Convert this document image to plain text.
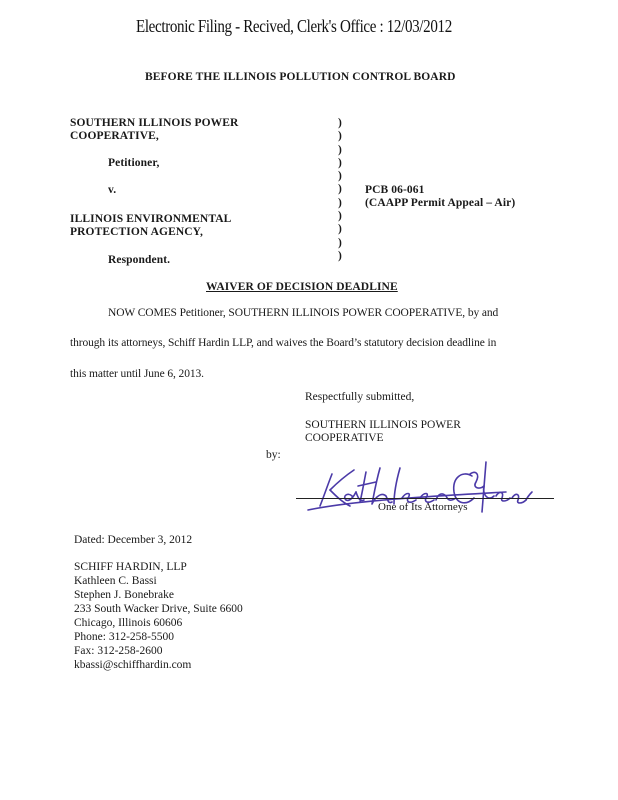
Electronic Filing - Recived, Clerk's Office : 12/03/2012
BEFORE THE ILLINOIS POLLUTION CONTROL BOARD
SOUTHERN ILLINOIS POWER
COOPERATIVE,
Petitioner,
v.
ILLINOIS ENVIRONMENTAL
PROTECTION AGENCY,
Respondent.
)
)
)
)
)
)
)
)
)
)
)
PCB 06-061
(CAAPP Permit Appeal – Air)
WAIVER OF DECISION DEADLINE
NOW COMES Petitioner, SOUTHERN ILLINOIS POWER COOPERATIVE, by and
through its attorneys, Schiff Hardin LLP, and waives the Board’s statutory decision deadline in
this matter until June 6, 2013.
Respectfully submitted,
SOUTHERN ILLINOIS POWER
COOPERATIVE
by:
One of Its Attorneys
Dated: December 3, 2012
SCHIFF HARDIN, LLP
Kathleen C. Bassi
Stephen J. Bonebrake
233 South Wacker Drive, Suite 6600
Chicago, Illinois 60606
Phone: 312-258-5500
Fax: 312-258-2600
kbassi@schiffhardin.com
